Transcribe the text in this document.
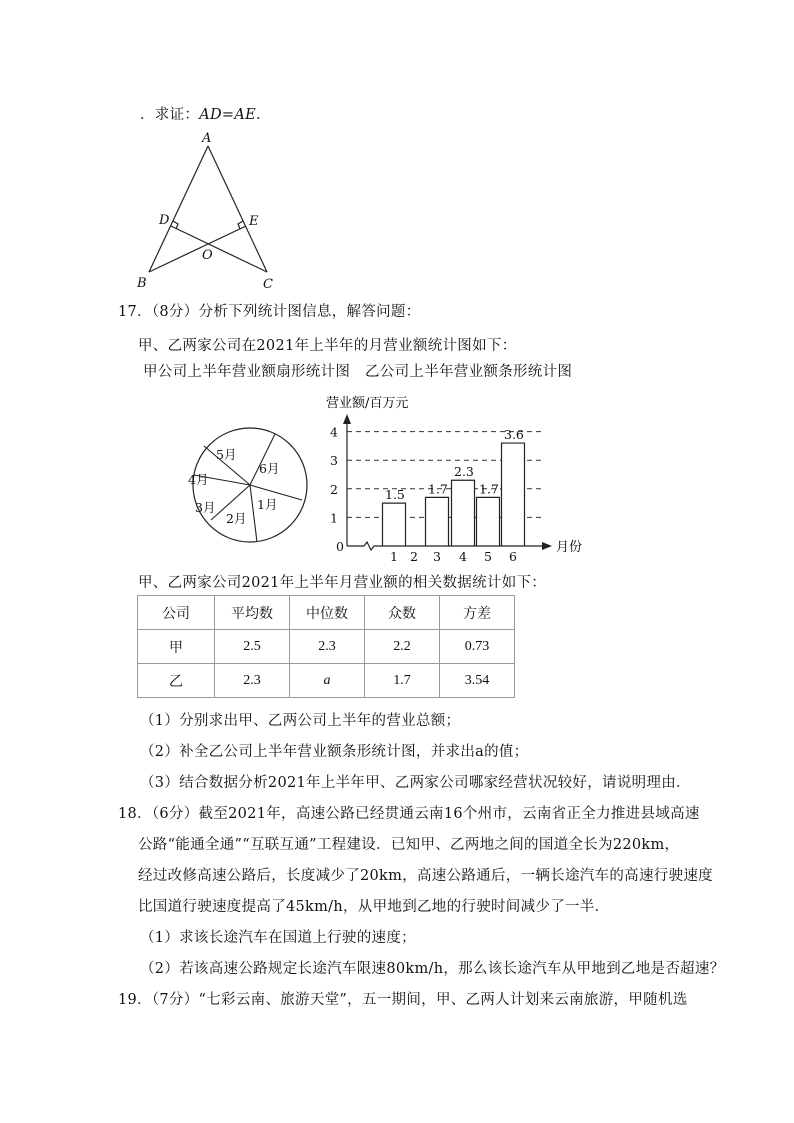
．求证：AD=AE．
A
D	E
O
B	C
17．（8分）分析下列统计图信息，解答问题：
甲、乙两家公司在2021年上半年的月营业额统计图如下：
甲公司上半年营业额扇形统计图　乙公司上半年营业额条形统计图
5月
6月
4月
1月
3月
2月
营业额/百万元
月份
0
1
2
3
4
1.5 1.7
2.3
1.7
3.6
1 2 3 4 5 6
甲、乙两家公司2021年上半年月营业额的相关数据统计如下：
公司	平均数	中位数	众数	方差
甲	2.5	2.3	2.2	0.73
乙	2.3	a	1.7	3.54
（1）分别求出甲、乙两公司上半年的营业总额；
（2）补全乙公司上半年营业额条形统计图，并求出a的值；
（3）结合数据分析2021年上半年甲、乙两家公司哪家经营状况较好，请说明理由．
18．（6分）截至2021年，高速公路已经贯通云南16个州市，云南省正全力推进县域高速
公路“能通全通”“互联互通”工程建设．已知甲、乙两地之间的国道全长为220km，
经过改修高速公路后，长度减少了20km，高速公路通后，一辆长途汽车的高速行驶速度
比国道行驶速度提高了45km/h，从甲地到乙地的行驶时间减少了一半．
（1）求该长途汽车在国道上行驶的速度；
（2）若该高速公路规定长途汽车限速80km/h，那么该长途汽车从甲地到乙地是否超速？
19．（7分）“七彩云南、旅游天堂”，五一期间，甲、乙两人计划来云南旅游，甲随机选
